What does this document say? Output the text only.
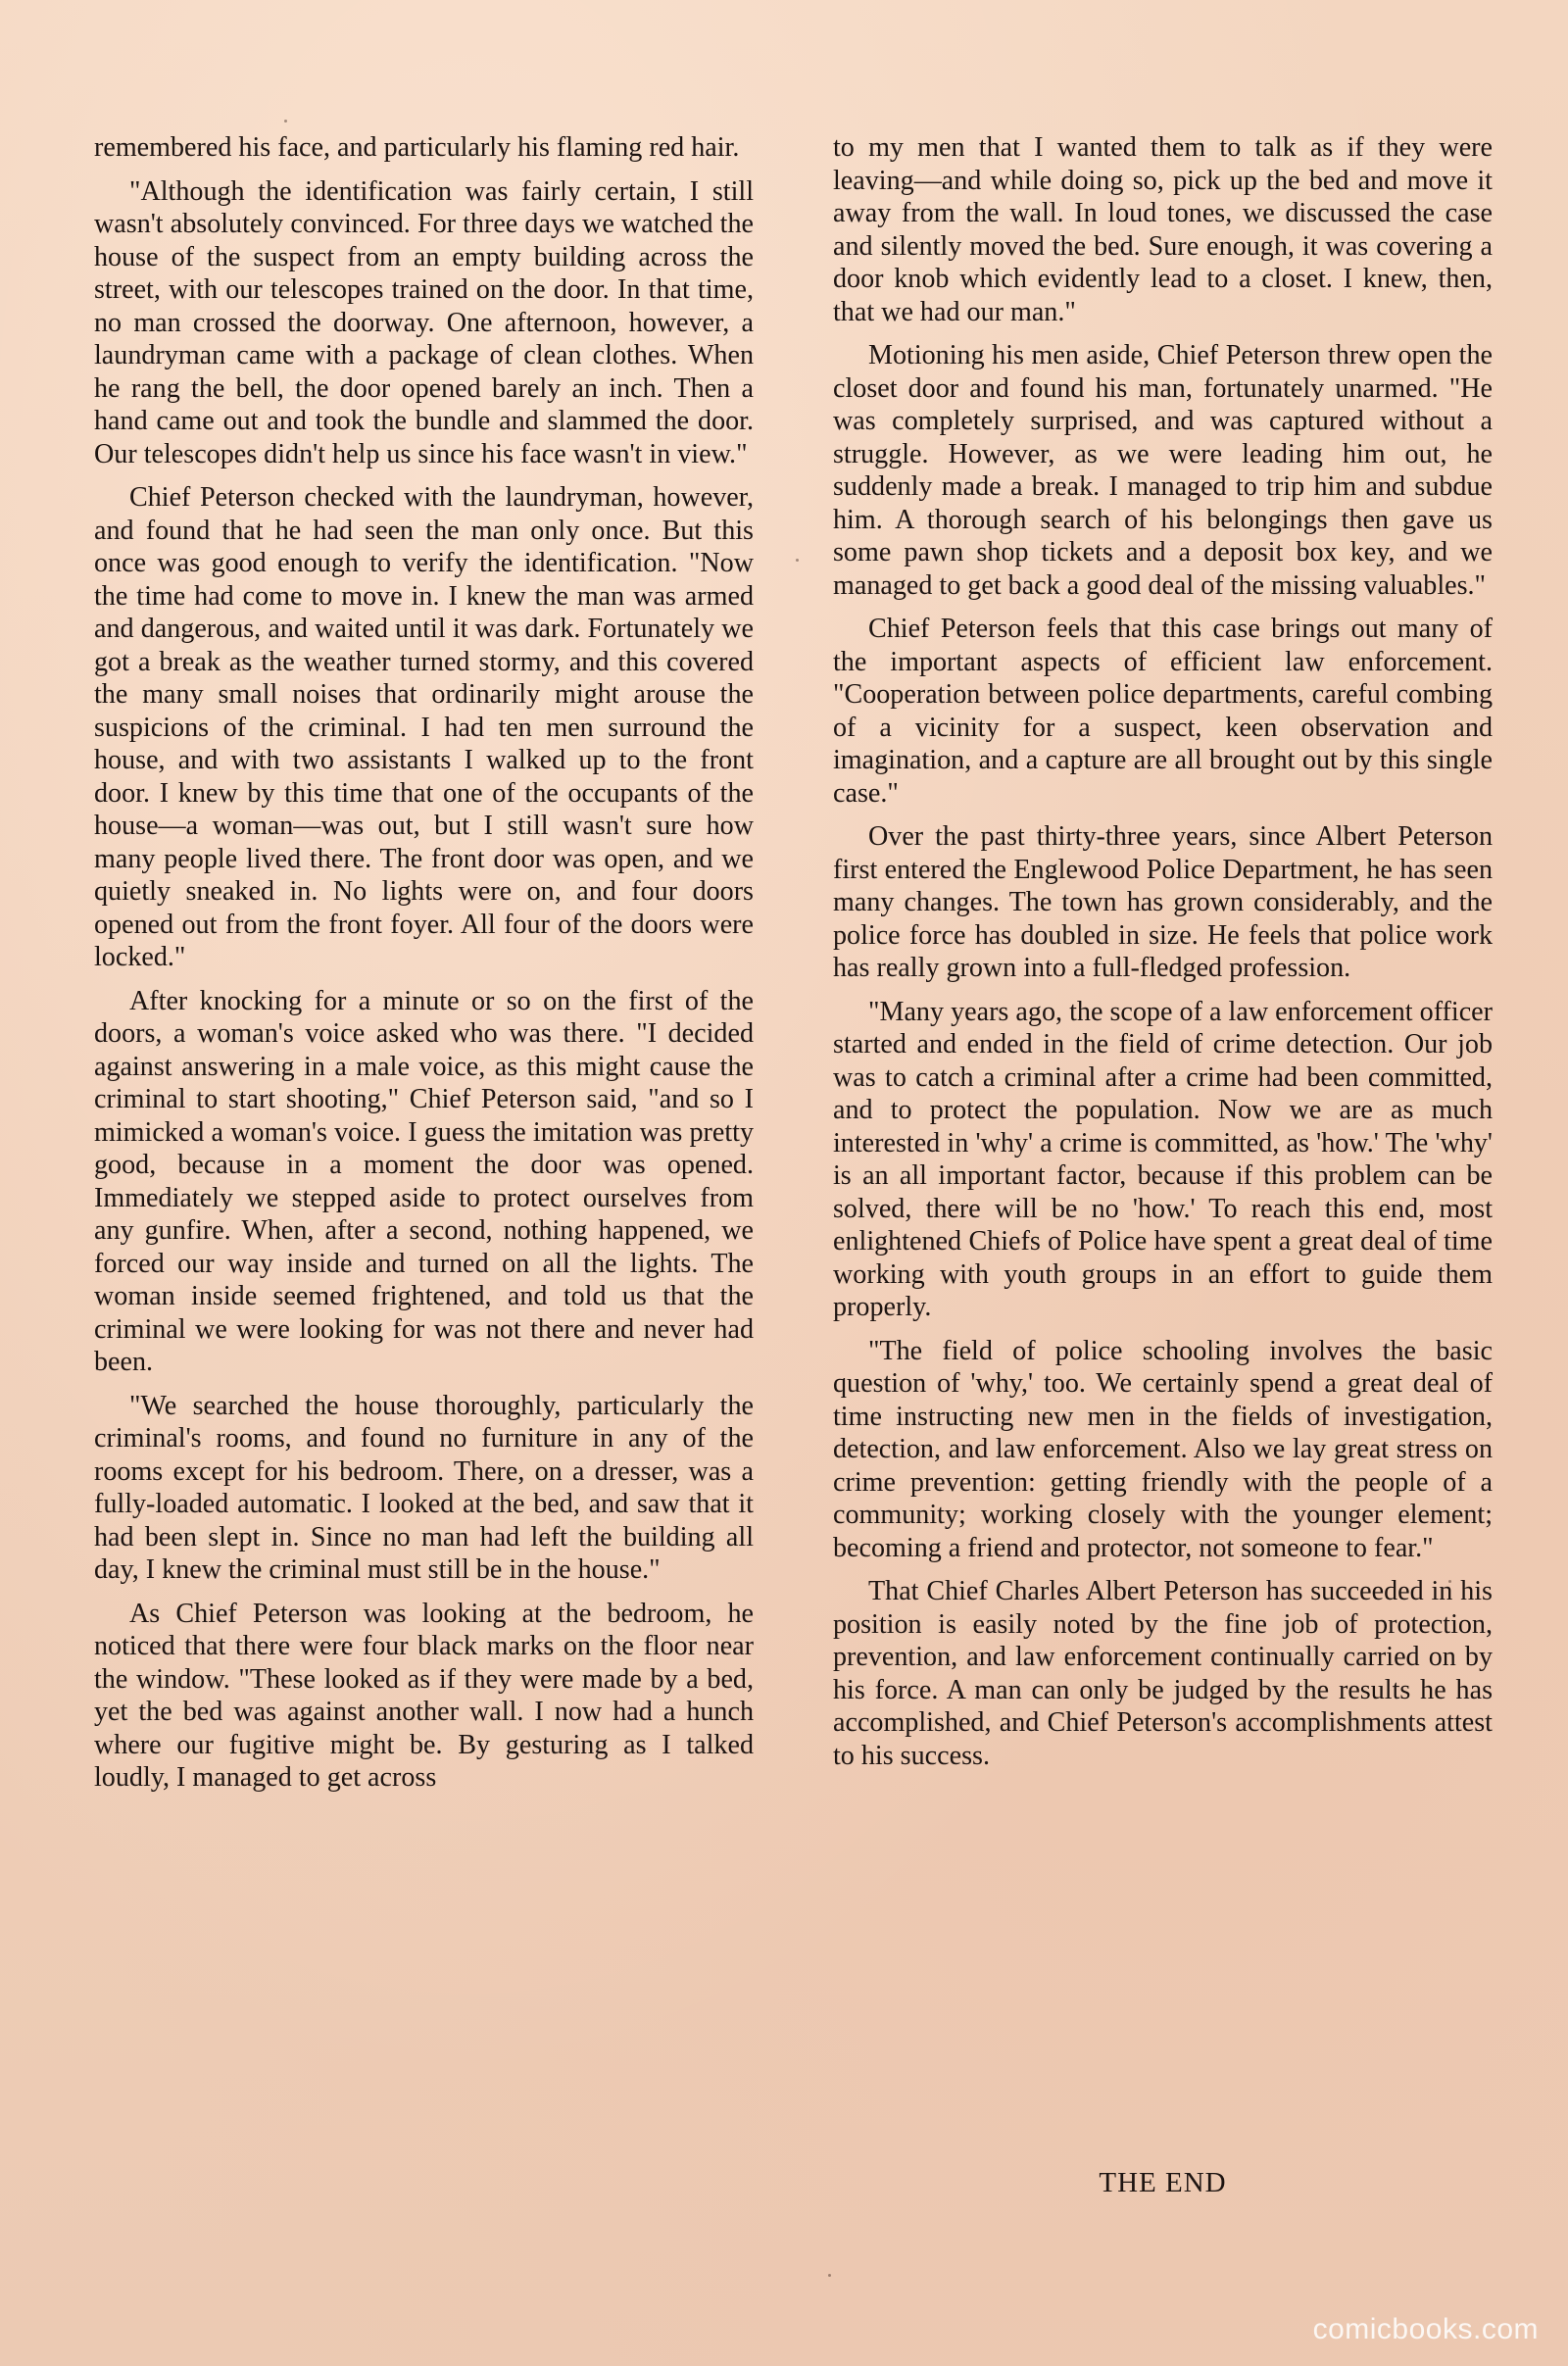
remembered his face, and particularly his flaming red hair.

"Although the identification was fairly certain, I still wasn't absolutely convinced. For three days we watched the house of the suspect from an empty building across the street, with our telescopes trained on the door. In that time, no man crossed the doorway. One afternoon, however, a laundryman came with a package of clean clothes. When he rang the bell, the door opened barely an inch. Then a hand came out and took the bundle and slammed the door. Our telescopes didn't help us since his face wasn't in view."

Chief Peterson checked with the laundryman, however, and found that he had seen the man only once. But this once was good enough to verify the identification. "Now the time had come to move in. I knew the man was armed and dangerous, and waited until it was dark. Fortunately we got a break as the weather turned stormy, and this covered the many small noises that ordinarily might arouse the suspicions of the criminal. I had ten men surround the house, and with two assistants I walked up to the front door. I knew by this time that one of the occupants of the house—a woman—was out, but I still wasn't sure how many people lived there. The front door was open, and we quietly sneaked in. No lights were on, and four doors opened out from the front foyer. All four of the doors were locked."

After knocking for a minute or so on the first of the doors, a woman's voice asked who was there. "I decided against answering in a male voice, as this might cause the criminal to start shooting," Chief Peterson said, "and so I mimicked a woman's voice. I guess the imitation was pretty good, because in a moment the door was opened. Immediately we stepped aside to protect ourselves from any gunfire. When, after a second, nothing happened, we forced our way inside and turned on all the lights. The woman inside seemed frightened, and told us that the criminal we were looking for was not there and never had been.

"We searched the house thoroughly, particularly the criminal's rooms, and found no furniture in any of the rooms except for his bedroom. There, on a dresser, was a fully-loaded automatic. I looked at the bed, and saw that it had been slept in. Since no man had left the building all day, I knew the criminal must still be in the house."

As Chief Peterson was looking at the bedroom, he noticed that there were four black marks on the floor near the window. "These looked as if they were made by a bed, yet the bed was against another wall. I now had a hunch where our fugitive might be. By gesturing as I talked loudly, I managed to get across

to my men that I wanted them to talk as if they were leaving—and while doing so, pick up the bed and move it away from the wall. In loud tones, we discussed the case and silently moved the bed. Sure enough, it was covering a door knob which evidently lead to a closet. I knew, then, that we had our man."

Motioning his men aside, Chief Peterson threw open the closet door and found his man, fortunately unarmed. "He was completely surprised, and was captured without a struggle. However, as we were leading him out, he suddenly made a break. I managed to trip him and subdue him. A thorough search of his belongings then gave us some pawn shop tickets and a deposit box key, and we managed to get back a good deal of the missing valuables."

Chief Peterson feels that this case brings out many of the important aspects of efficient law enforcement. "Cooperation between police departments, careful combing of a vicinity for a suspect, keen observation and imagination, and a capture are all brought out by this single case."

Over the past thirty-three years, since Albert Peterson first entered the Englewood Police Department, he has seen many changes. The town has grown considerably, and the police force has doubled in size. He feels that police work has really grown into a full-fledged profession.

"Many years ago, the scope of a law enforcement officer started and ended in the field of crime detection. Our job was to catch a criminal after a crime had been committed, and to protect the population. Now we are as much interested in 'why' a crime is committed, as 'how.' The 'why' is an all important factor, because if this problem can be solved, there will be no 'how.' To reach this end, most enlightened Chiefs of Police have spent a great deal of time working with youth groups in an effort to guide them properly.

"The field of police schooling involves the basic question of 'why,' too. We certainly spend a great deal of time instructing new men in the fields of investigation, detection, and law enforcement. Also we lay great stress on crime prevention: getting friendly with the people of a community; working closely with the younger element; becoming a friend and protector, not someone to fear."

That Chief Charles Albert Peterson has succeeded in his position is easily noted by the fine job of protection, prevention, and law enforcement continually carried on by his force. A man can only be judged by the results he has accomplished, and Chief Peterson's accomplishments attest to his success.

THE END
comicbooks.com
